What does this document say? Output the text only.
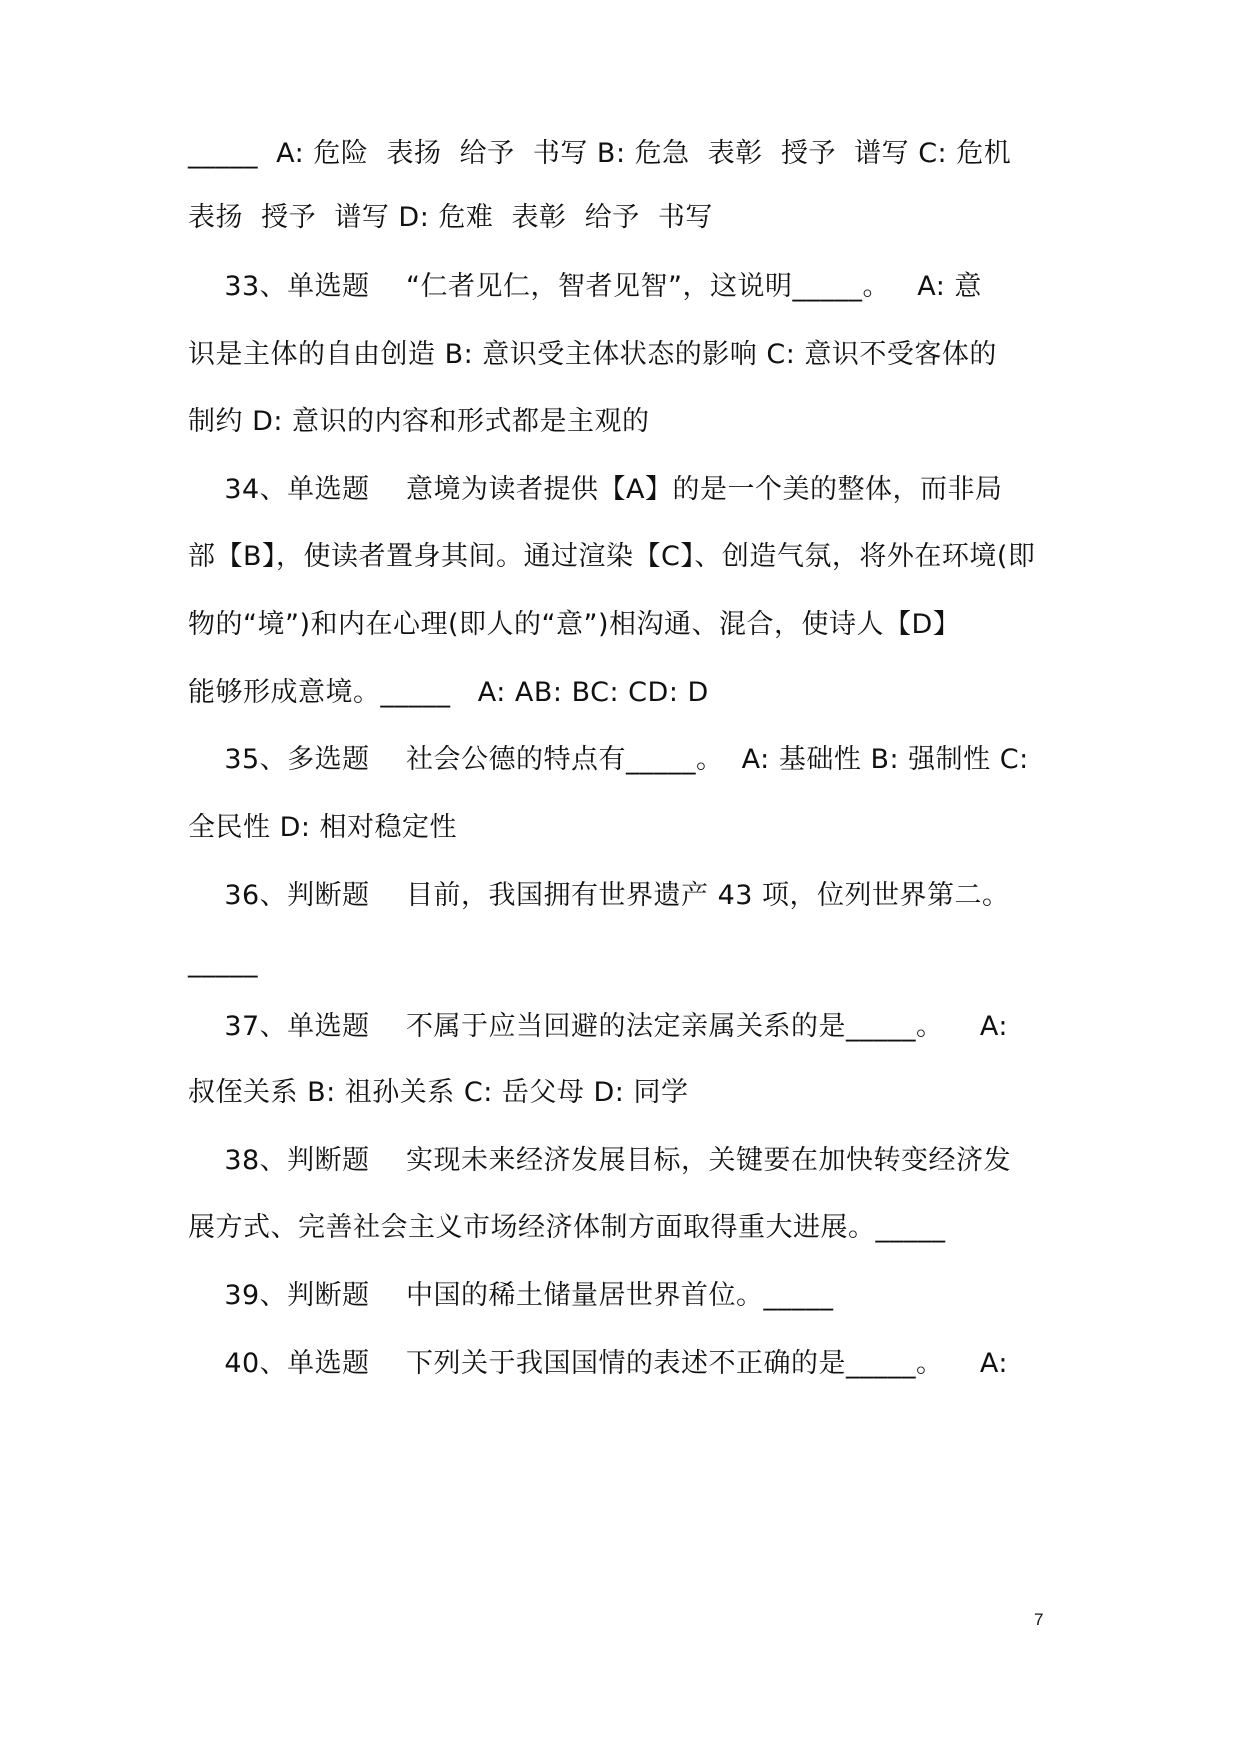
_____  A: 危险  表扬  给予  书写 B: 危急  表彰  授予  谱写 C: 危机
表扬  授予  谱写 D: 危难  表彰  给予  书写
33、单选题    “仁者见仁，智者见智”，这说明_____。   A: 意
识是主体的自由创造 B: 意识受主体状态的影响 C: 意识不受客体的
制约 D: 意识的内容和形式都是主观的
34、单选题    意境为读者提供【A】的是一个美的整体，而非局
部【B】，使读者置身其间。通过渲染【C】、创造气氛，将外在环境(即
物的“境”)和内在心理(即人的“意”)相沟通、混合，使诗人【D】
能够形成意境。_____   A: AB: BC: CD: D
35、多选题    社会公德的特点有_____。  A: 基础性 B: 强制性 C:
全民性 D: 相对稳定性
36、判断题    目前，我国拥有世界遗产 43 项，位列世界第二。
_____
37、单选题    不属于应当回避的法定亲属关系的是_____。    A:
叔侄关系 B: 祖孙关系 C: 岳父母 D: 同学
38、判断题    实现未来经济发展目标，关键要在加快转变经济发
展方式、完善社会主义市场经济体制方面取得重大进展。_____
39、判断题    中国的稀土储量居世界首位。_____
40、单选题    下列关于我国国情的表述不正确的是_____。    A:
7
